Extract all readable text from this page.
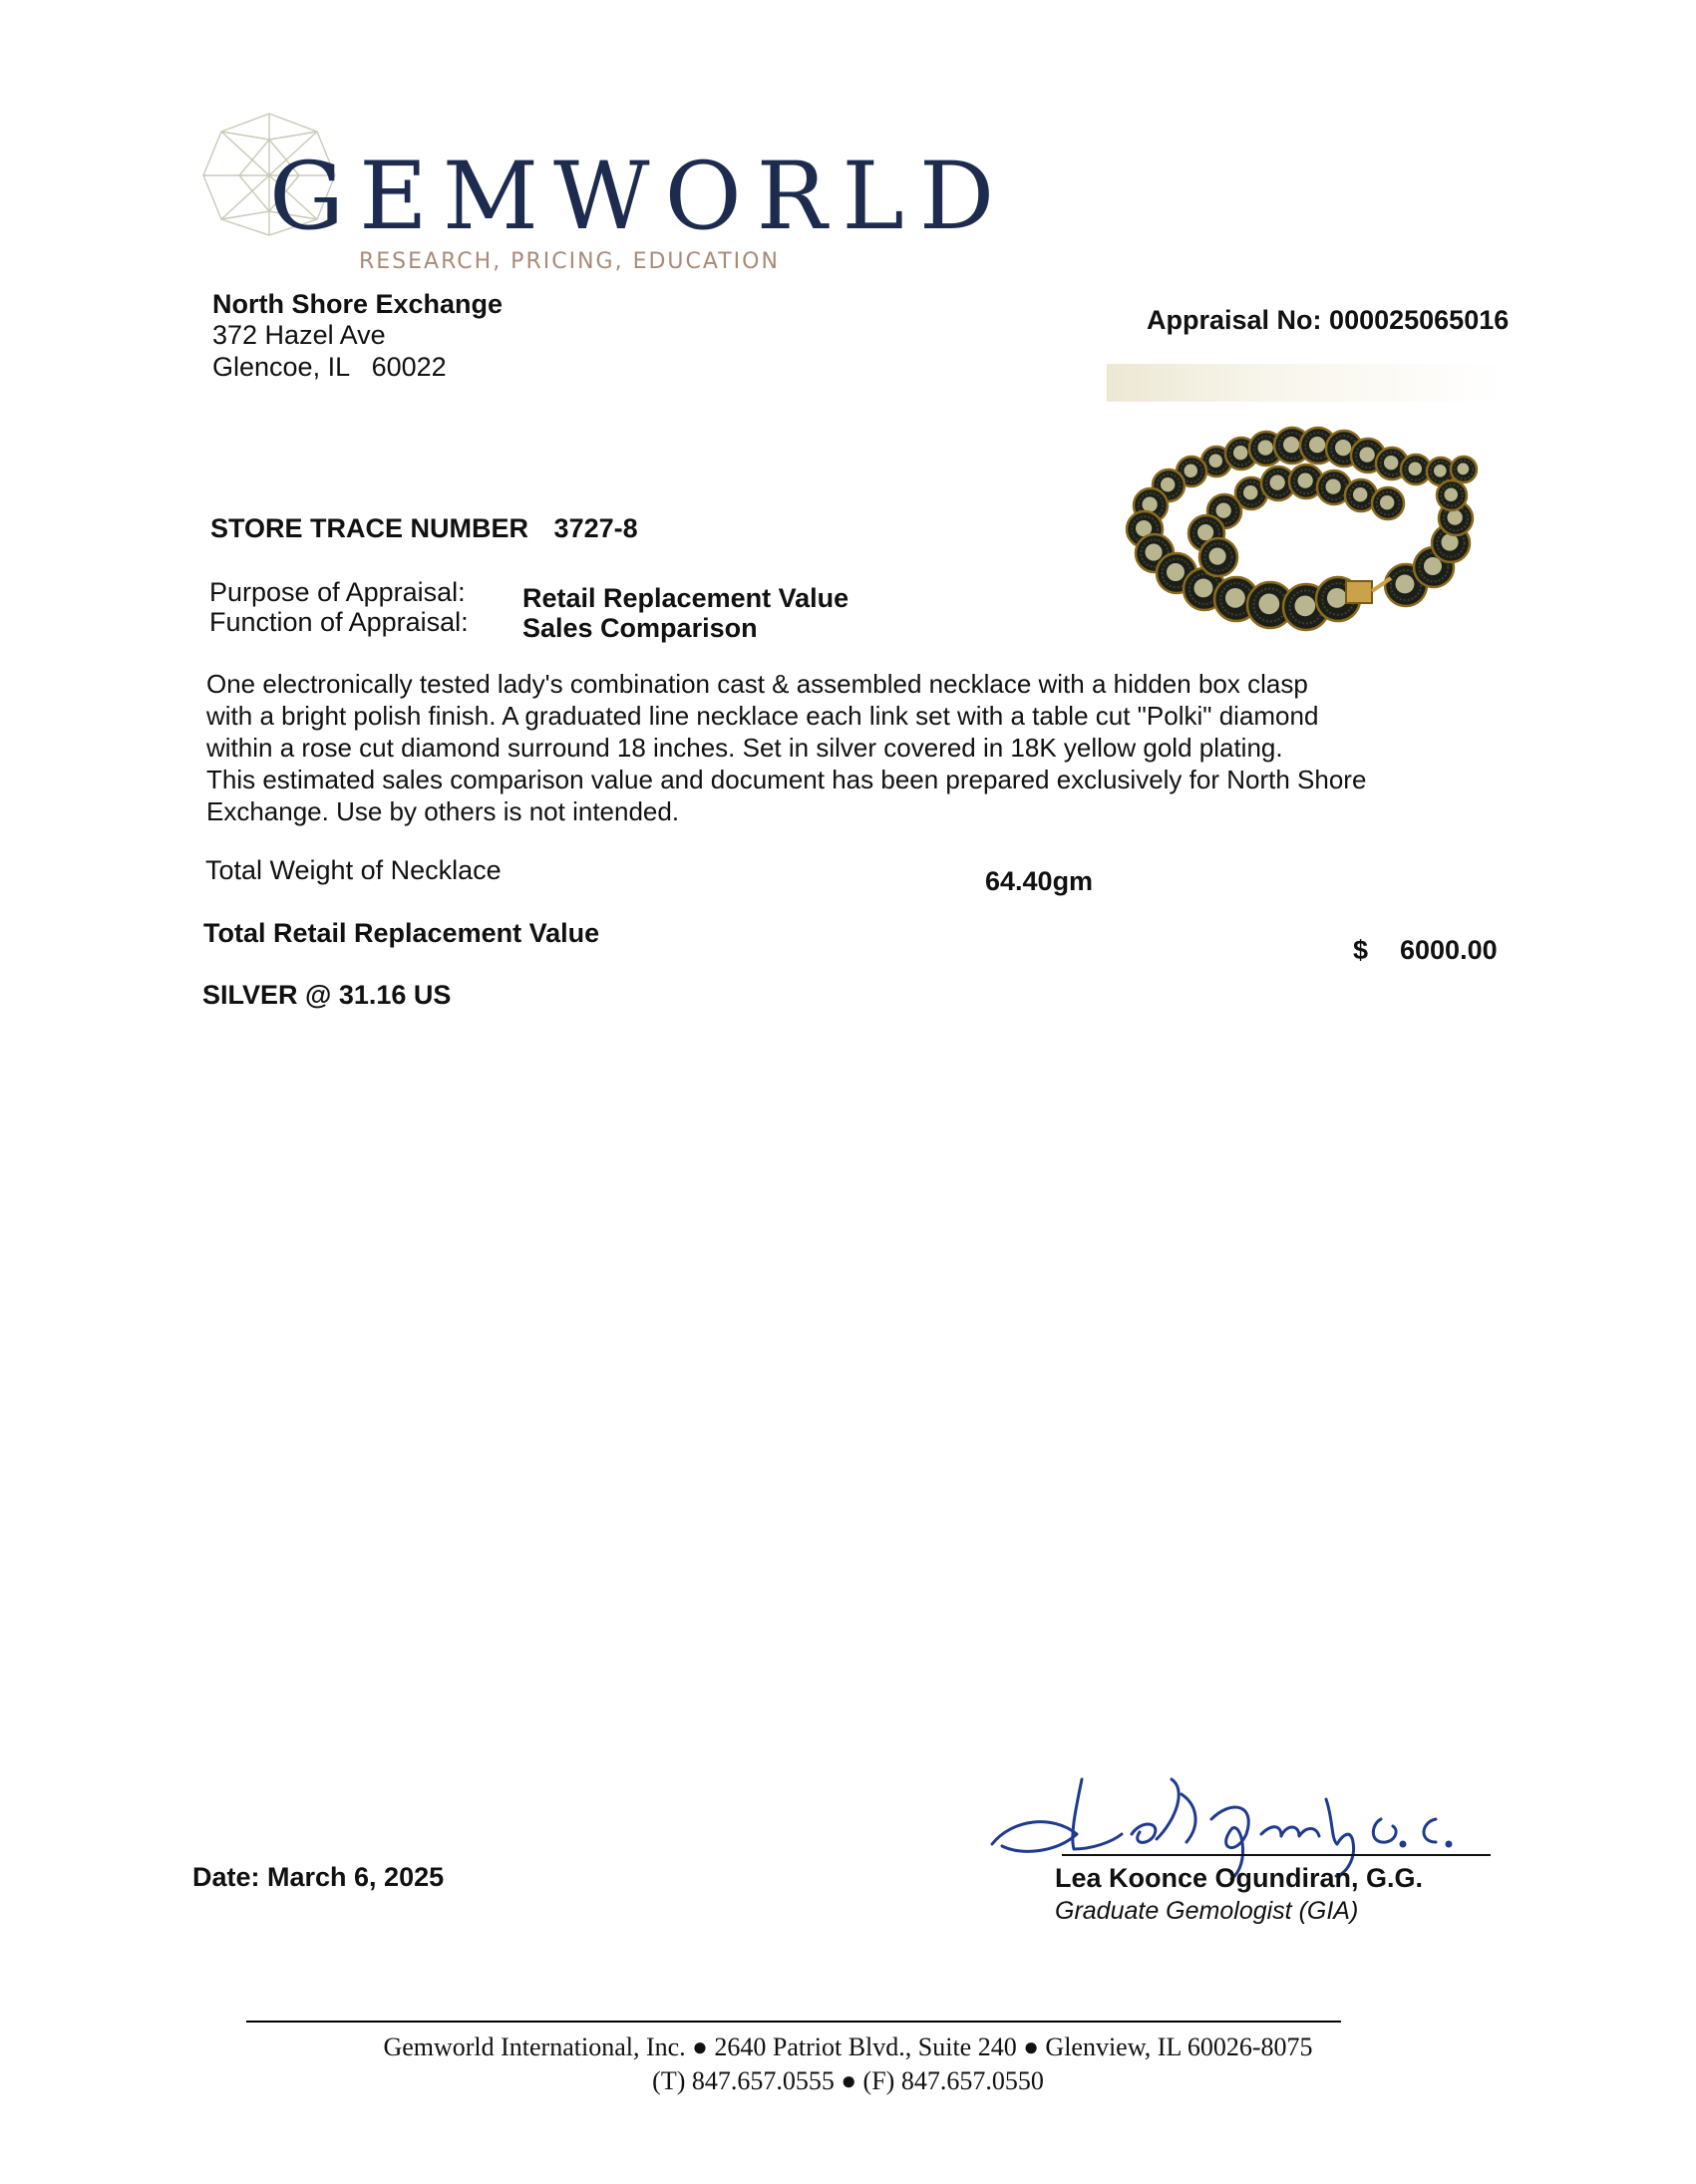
GEMWORLD
RESEARCH, PRICING, EDUCATION
North Shore Exchange
372 Hazel Ave
Glencoe, IL   60022
Appraisal No: 000025065016
STORE TRACE NUMBER 3727-8
Purpose of Appraisal: Retail Replacement Value
Function of Appraisal: Sales Comparison
One electronically tested lady's combination cast & assembled necklace with a hidden box clasp
with a bright polish finish. A graduated line necklace each link set with a table cut "Polki" diamond
within a rose cut diamond surround 18 inches. Set in silver covered in 18K yellow gold plating.
This estimated sales comparison value and document has been prepared exclusively for North Shore
Exchange. Use by others is not intended.
Total Weight of Necklace	64.40gm
Total Retail Replacement Value
$ 6000.00
SILVER @ 31.16 US
Date: March 6, 2025	Lea Koonce Ogundiran, G.G.
Graduate Gemologist (GIA)
Gemworld International, Inc. ● 2640 Patriot Blvd., Suite 240 ● Glenview, IL 60026-8075
(T) 847.657.0555 ● (F) 847.657.0550
